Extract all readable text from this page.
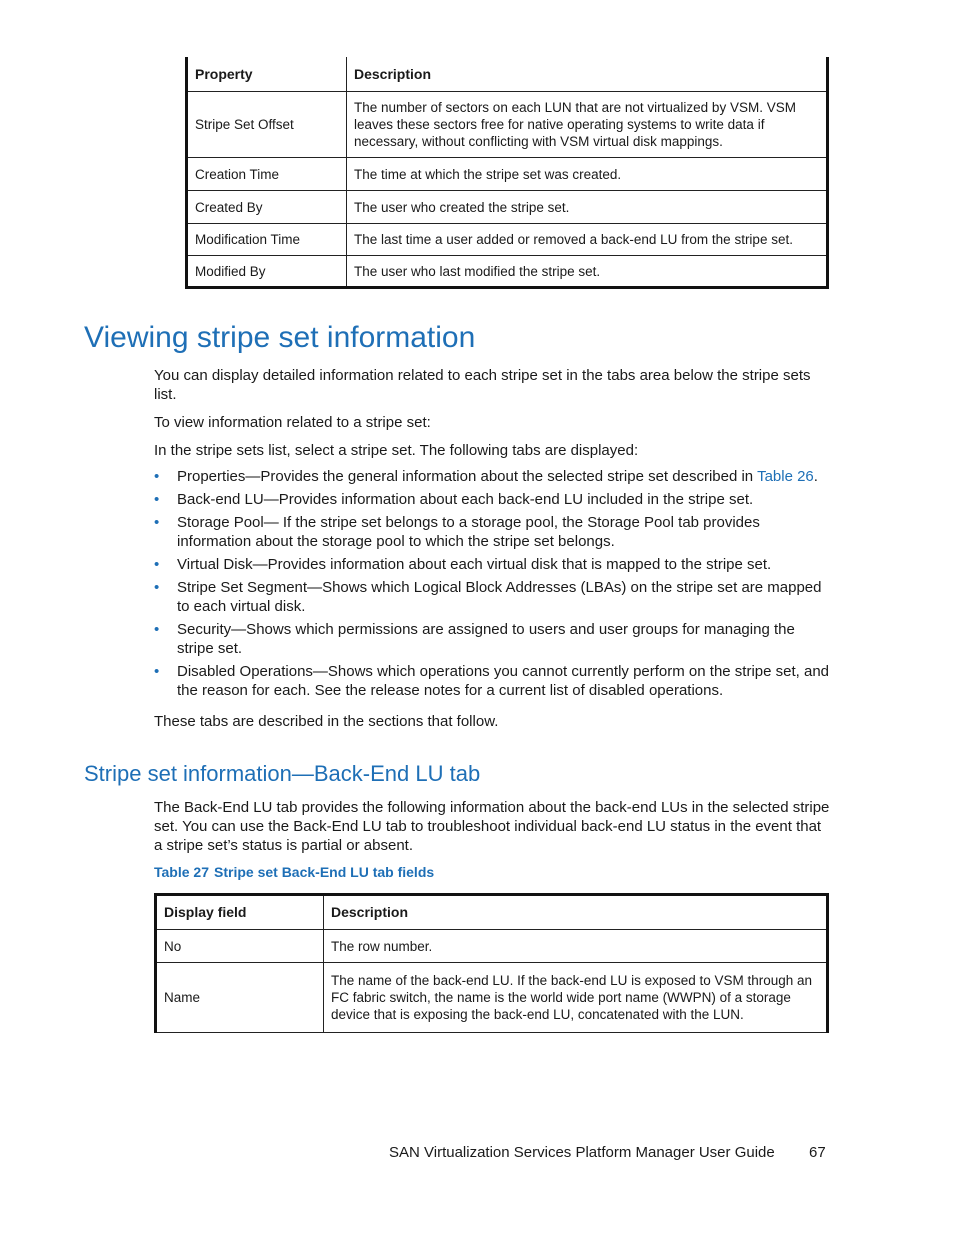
Property	Description
Stripe Set Offset	The number of sectors on each LUN that are not virtualized by VSM. VSM leaves these sectors free for native operating systems to write data if necessary, without conflicting with VSM virtual disk mappings.
Creation Time	The time at which the stripe set was created.
Created By	The user who created the stripe set.
Modification Time	The last time a user added or removed a back-end LU from the stripe set.
Modified By	The user who last modified the stripe set.
Viewing stripe set information
You can display detailed information related to each stripe set in the tabs area below the stripe sets list.
To view information related to a stripe set:
In the stripe sets list, select a stripe set. The following tabs are displayed:
• Properties—Provides the general information about the selected stripe set described in Table 26.
• Back-end LU—Provides information about each back-end LU included in the stripe set.
• Storage Pool— If the stripe set belongs to a storage pool, the Storage Pool tab provides information about the storage pool to which the stripe set belongs.
• Virtual Disk—Provides information about each virtual disk that is mapped to the stripe set.
• Stripe Set Segment—Shows which Logical Block Addresses (LBAs) on the stripe set are mapped to each virtual disk.
• Security—Shows which permissions are assigned to users and user groups for managing the stripe set.
• Disabled Operations—Shows which operations you cannot currently perform on the stripe set, and the reason for each. See the release notes for a current list of disabled operations.
These tabs are described in the sections that follow.
Stripe set information—Back-End LU tab
The Back-End LU tab provides the following information about the back-end LUs in the selected stripe set. You can use the Back-End LU tab to troubleshoot individual back-end LU status in the event that a stripe set’s status is partial or absent.
Table 27 Stripe set Back-End LU tab fields
Display field	Description
No	The row number.
Name	The name of the back-end LU. If the back-end LU is exposed to VSM through an FC fabric switch, the name is the world wide port name (WWPN) of a storage device that is exposing the back-end LU, concatenated with the LUN.
SAN Virtualization Services Platform Manager User Guide 67
